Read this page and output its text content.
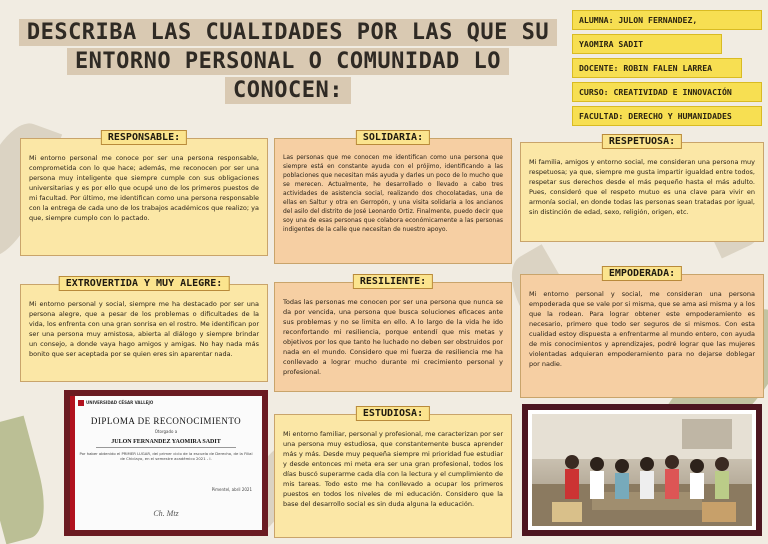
DESCRIBA LAS CUALIDADES POR LAS QUE SU
ENTORNO PERSONAL O COMUNIDAD LO
CONOCEN:
ALUMNA: JULON FERNANDEZ,
YAOMIRA SADIT
DOCENTE: ROBIN FALEN LARREA
CURSO: CREATIVIDAD E INNOVACIÓN
FACULTAD: DERECHO Y HUMANIDADES
RESPONSABLE:

Mi entorno personal me conoce por ser una persona responsable, comprometida con lo que hace; además, me reconocen por ser una persona muy inteligente que siempre cumple con sus obligaciones universitarias y es por ello que ocupé uno de los primeros puestos de mi facultad. Por último, me identifican como una persona responsable con la entrega de cada uno de los trabajos académicos que realizo; ya que, siempre cumplo con lo pactado.

SOLIDARIA:

Las personas que me conocen me identifican como una persona que siempre está en constante ayuda con el prójimo, identificando a las poblaciones que necesitan más ayuda y darles un poco de lo mucho que se merecen. Actualmente, he desarrollado o llevado a cabo tres actividades de asistencia social, realizando dos chocolatadas, una de ellas en Saltur y otra en Gerropón, y una visita solidaria a los ancianos del asilo del distrito de José Leonardo Ortiz. Finalmente, puedo decir que soy una de esas personas que colabora económicamente a las personas indigentes de la calle que necesitan de nuestro apoyo.

RESPETUOSA:

Mi familia, amigos y entorno social, me consideran una persona muy respetuosa; ya que, siempre me gusta impartir igualdad entre todos, respetar sus derechos desde el más pequeño hasta el más adulto. Pues, consideró que el respeto mutuo es una clave para vivir en armonía social, en donde todas las personas sean tratadas por igual, sin distinción de edad, sexo, religión, origen, etc.

EXTROVERTIDA Y MUY ALEGRE:

Mi entorno personal y social, siempre me ha destacado por ser una persona alegre, que a pesar de los problemas o dificultades de la vida, los enfrenta con una gran sonrisa en el rostro. Me identifican por ser una persona muy amistosa, abierta al diálogo y siempre brindar un consejo, a donde vaya hago amigos y amigas. No hay nada más bonito que ser aceptada por se quien eres sin aparentar nada.

RESILIENTE:

Todas las personas me conocen por ser una persona que nunca se da por vencida, una persona que busca soluciones eficaces ante sus problemas y no se limita en ello. A lo largo de la vida he ido reconfortando mi resiliencia, porque entendí que mis metas y objetivos por los que tanto he luchado no deben ser obstruidos por nada en el mundo. Considero que mi fuerza de resiliencia me ha conllevado a lograr mucho durante mi crecimiento personal y profesional.

EMPODERADA:

Mi entorno personal y social, me consideran una persona empoderada que se vale por si misma, que se ama asi misma y a los que la rodean. Para lograr obtener este empoderamiento es necesario, primero que todo ser seguros de si mismos. Con esta cualidad estoy dispuesta a enfrentarme al mundo entero, con ayuda de mis conocimientos y aprendizajes, podré lograr que las mujeres violentadas adquieran empoderamiento para no dejarse doblegar por nadie.

ESTUDIOSA:

Mi entorno familiar, personal y profesional, me caracterizan por ser una persona muy estudiosa, que constantemente busca aprender más y más. Desde muy pequeña siempre mi prioridad fue estudiar y desde entonces mi meta era ser una gran profesional, todos los días buscó superarme cada día con la lectura y el cumplimiento de mis tareas. Todo esto me ha conllevado a ocupar los primeros puestos en todos los niveles de mi educación. Considero que la base del desarrollo social es sin duda alguna la educación.

UNIVERSIDAD CÉSAR VALLEJO
DIPLOMA DE RECONOCIMIENTO
Otorgado a
JULON FERNANDEZ YAOMIRA SADIT
Por haber obtenido el PRIMER LUGAR, del primer ciclo de la escuela de Derecho, de la Filial de Chiclayo, en el semestre académico 2021 - I.
Pimentel, abril 2021
Ch. Mtz
